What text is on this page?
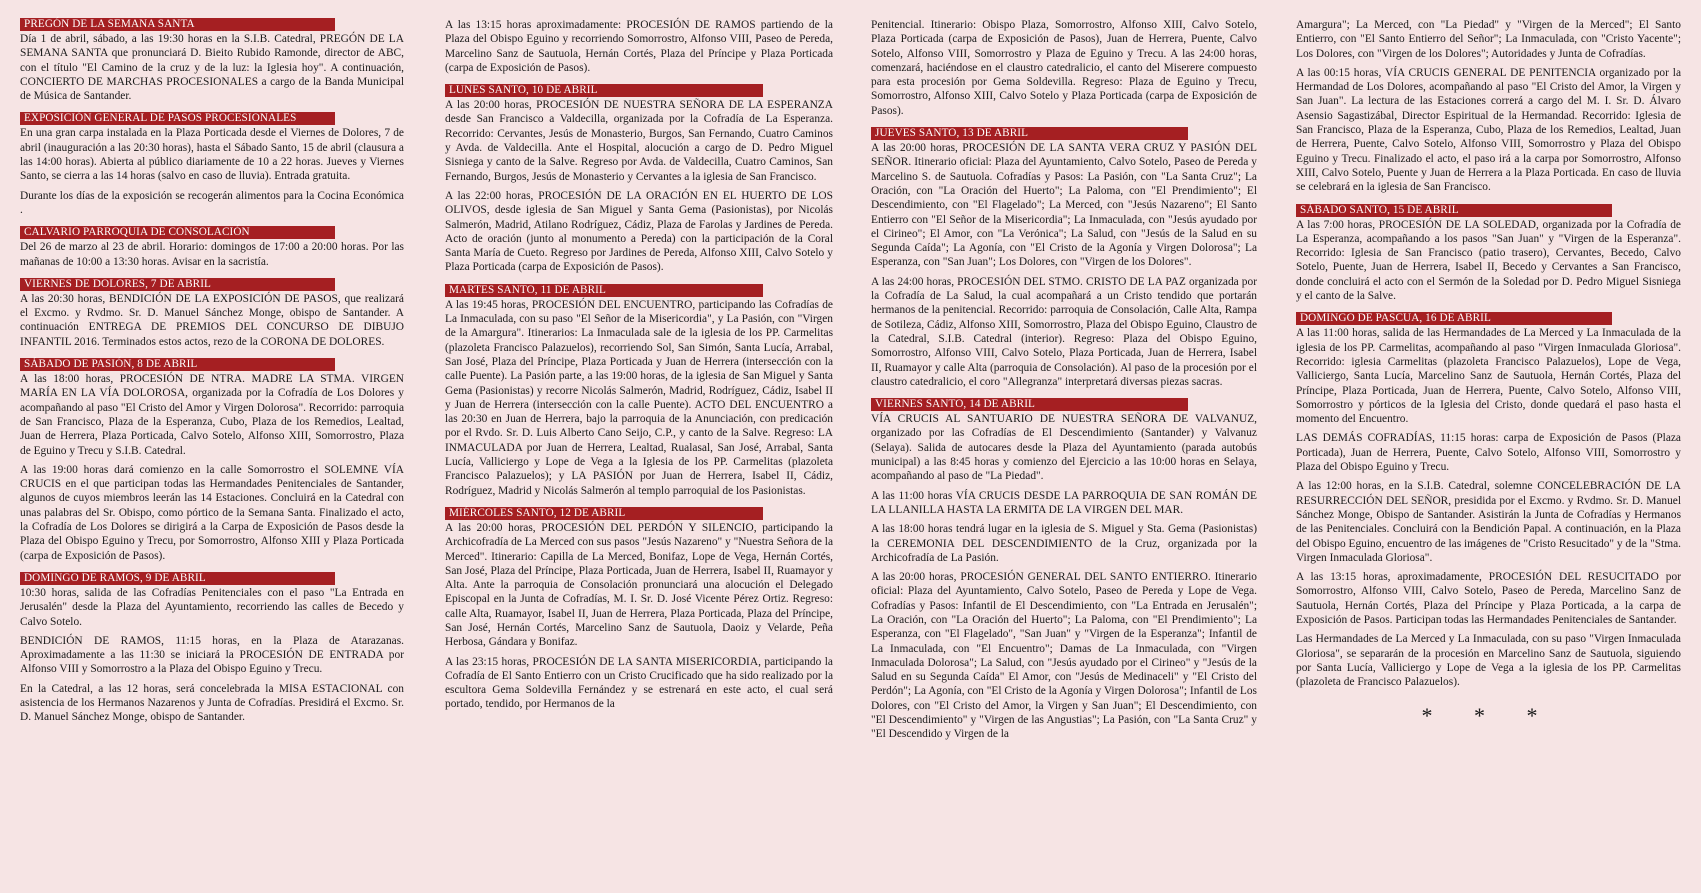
PREGÓN DE LA SEMANA SANTA

Día 1 de abril, sábado, a las 19:30 horas en la S.I.B. Catedral, PREGÓN DE LA SEMANA SANTA que pronunciará D. Bieito Rubido Ramonde, director de ABC, con el título "El Camino de la cruz y de la luz: la Iglesia hoy". A continuación, CONCIERTO DE MARCHAS PROCESIONALES a cargo de la Banda Municipal de Música de Santander.

EXPOSICIÓN GENERAL DE PASOS PROCESIONALES

En una gran carpa instalada en la Plaza Porticada desde el Viernes de Dolores, 7 de abril (inauguración a las 20:30 horas), hasta el Sábado Santo, 15 de abril (clausura a las 14:00 horas). Abierta al público diariamente de 10 a 22 horas. Jueves y Viernes Santo, se cierra a las 14 horas (salvo en caso de lluvia). Entrada gratuita.

Durante los días de la exposición se recogerán alimentos para la Cocina Económica .

CALVARIO PARROQUIA DE CONSOLACIÓN

Del 26 de marzo al 23 de abril. Horario: domingos de 17:00 a 20:00 horas. Por las mañanas de 10:00 a 13:30 horas. Avisar en la sacristía.

VIERNES DE DOLORES, 7 DE ABRIL

A las 20:30 horas, BENDICIÓN DE LA EXPOSICIÓN DE PASOS, que realizará el Excmo. y Rvdmo. Sr. D. Manuel Sánchez Monge, obispo de Santander. A continuación ENTREGA DE PREMIOS DEL CONCURSO DE DIBUJO INFANTIL 2016. Terminados estos actos, rezo de la CORONA DE DOLORES.

SÁBADO DE PASIÓN, 8 DE ABRIL

A las 18:00 horas, PROCESIÓN DE NTRA. MADRE LA STMA. VIRGEN MARÍA EN LA VÍA DOLOROSA, organizada por la Cofradía de Los Dolores y acompañando al paso "El Cristo del Amor y Virgen Dolorosa". Recorrido: parroquia de San Francisco, Plaza de la Esperanza, Cubo, Plaza de los Remedios, Lealtad, Juan de Herrera, Plaza Porticada, Calvo Sotelo, Alfonso XIII, Somorrostro, Plaza de Eguino y Trecu y S.I.B. Catedral.

A las 19:00 horas dará comienzo en la calle Somorrostro el SOLEMNE VÍA CRUCIS en el que participan todas las Hermandades Penitenciales de Santander, algunos de cuyos miembros leerán las 14 Estaciones. Concluirá en la Catedral con unas palabras del Sr. Obispo, como pórtico de la Semana Santa. Finalizado el acto, la Cofradía de Los Dolores se dirigirá a la Carpa de Exposición de Pasos desde la Plaza del Obispo Eguino y Trecu, por Somorrostro, Alfonso XIII y Plaza Porticada (carpa de Exposición de Pasos).

DOMINGO DE RAMOS, 9 DE ABRIL

10:30 horas, salida de las Cofradías Penitenciales con el paso "La Entrada en Jerusalén" desde la Plaza del Ayuntamiento, recorriendo las calles de Becedo y Calvo Sotelo.

BENDICIÓN DE RAMOS, 11:15 horas, en la Plaza de Atarazanas. Aproximadamente a las 11:30 se iniciará la PROCESIÓN DE ENTRADA por Alfonso VIII y Somorrostro a la Plaza del Obispo Eguino y Trecu.

En la Catedral, a las 12 horas, será concelebrada la MISA ESTACIONAL con asistencia de los Hermanos Nazarenos y Junta de Cofradías. Presidirá el Excmo. Sr. D. Manuel Sánchez Monge, obispo de Santander.

A las 13:15 horas aproximadamente: PROCESIÓN DE RAMOS partiendo de la Plaza del Obispo Eguino y recorriendo Somorrostro, Alfonso VIII, Paseo de Pereda, Marcelino Sanz de Sautuola, Hernán Cortés, Plaza del Príncipe y Plaza Porticada (carpa de Exposición de Pasos).

LUNES SANTO, 10 DE ABRIL

A las 20:00 horas, PROCESIÓN DE NUESTRA SEÑORA DE LA ESPERANZA desde San Francisco a Valdecilla, organizada por la Cofradía de La Esperanza. Recorrido: Cervantes, Jesús de Monasterio, Burgos, San Fernando, Cuatro Caminos y Avda. de Valdecilla. Ante el Hospital, alocución a cargo de D. Pedro Miguel Sisniega y canto de la Salve. Regreso por Avda. de Valdecilla, Cuatro Caminos, San Fernando, Burgos, Jesús de Monasterio y Cervantes a la iglesia de San Francisco.

A las 22:00 horas, PROCESIÓN DE LA ORACIÓN EN EL HUERTO DE LOS OLIVOS, desde iglesia de San Miguel y Santa Gema (Pasionistas), por Nicolás Salmerón, Madrid, Atilano Rodríguez, Cádiz, Plaza de Farolas y Jardines de Pereda. Acto de oración (junto al monumento a Pereda) con la participación de la Coral Santa María de Cueto. Regreso por Jardines de Pereda, Alfonso XIII, Calvo Sotelo y Plaza Porticada (carpa de Exposición de Pasos).

MARTES SANTO, 11 DE ABRIL

A las 19:45 horas, PROCESIÓN DEL ENCUENTRO, participando las Cofradías de La Inmaculada, con su paso "El Señor de la Misericordia", y La Pasión, con "Virgen de la Amargura". Itinerarios: La Inmaculada sale de la iglesia de los PP. Carmelitas (plazoleta Francisco Palazuelos), recorriendo Sol, San Simón, Santa Lucía, Arrabal, San José, Plaza del Príncipe, Plaza Porticada y Juan de Herrera (intersección con la calle Puente). La Pasión parte, a las 19:00 horas, de la iglesia de San Miguel y Santa Gema (Pasionistas) y recorre Nicolás Salmerón, Madrid, Rodríguez, Cádiz, Isabel II y Juan de Herrera (intersección con la calle Puente). ACTO DEL ENCUENTRO a las 20:30 en Juan de Herrera, bajo la parroquia de la Anunciación, con predicación por el Rvdo. Sr. D. Luis Alberto Cano Seijo, C.P., y canto de la Salve. Regreso: LA INMACULADA por Juan de Herrera, Lealtad, Rualasal, San José, Arrabal, Santa Lucía, Valliciergo y Lope de Vega a la Iglesia de los PP. Carmelitas (plazoleta Francisco Palazuelos); y LA PASIÓN por Juan de Herrera, Isabel II, Cádiz, Rodríguez, Madrid y Nicolás Salmerón al templo parroquial de los Pasionistas.

MIÉRCOLES SANTO, 12 DE ABRIL

A las 20:00 horas, PROCESIÓN DEL PERDÓN Y SILENCIO, participando la Archicofradía de La Merced con sus pasos "Jesús Nazareno" y "Nuestra Señora de la Merced". Itinerario: Capilla de La Merced, Bonifaz, Lope de Vega, Hernán Cortés, San José, Plaza del Príncipe, Plaza Porticada, Juan de Herrera, Isabel II, Ruamayor y Alta. Ante la parroquia de Consolación pronunciará una alocución el Delegado Episcopal en la Junta de Cofradías, M. I. Sr. D. José Vicente Pérez Ortiz. Regreso: calle Alta, Ruamayor, Isabel II, Juan de Herrera, Plaza Porticada, Plaza del Príncipe, San José, Hernán Cortés, Marcelino Sanz de Sautuola, Daoiz y Velarde, Peña Herbosa, Gándara y Bonifaz.

A las 23:15 horas, PROCESIÓN DE LA SANTA MISERICORDIA, participando la Cofradía de El Santo Entierro con un Cristo Crucificado que ha sido realizado por la escultora Gema Soldevilla Fernández y se estrenará en este acto, el cual será portado, tendido, por Hermanos de la

Penitencial. Itinerario: Obispo Plaza, Somorrostro, Alfonso XIII, Calvo Sotelo, Plaza Porticada (carpa de Exposición de Pasos), Juan de Herrera, Puente, Calvo Sotelo, Alfonso VIII, Somorrostro y Plaza de Eguino y Trecu. A las 24:00 horas, comenzará, haciéndose en el claustro catedralicio, el canto del Miserere compuesto para esta procesión por Gema Soldevilla. Regreso: Plaza de Eguino y Trecu, Somorrostro, Alfonso XIII, Calvo Sotelo y Plaza Porticada (carpa de Exposición de Pasos).

JUEVES SANTO, 13 DE ABRIL

A las 20:00 horas, PROCESIÓN DE LA SANTA VERA CRUZ Y PASIÓN DEL SEÑOR. Itinerario oficial: Plaza del Ayuntamiento, Calvo Sotelo, Paseo de Pereda y Marcelino S. de Sautuola. Cofradías y Pasos: La Pasión, con "La Santa Cruz"; La Oración, con "La Oración del Huerto"; La Paloma, con "El Prendimiento"; El Descendimiento, con "El Flagelado"; La Merced, con "Jesús Nazareno"; El Santo Entierro con "El Señor de la Misericordia"; La Inmaculada, con "Jesús ayudado por el Cirineo"; El Amor, con "La Verónica"; La Salud, con "Jesús de la Salud en su Segunda Caída"; La Agonía, con "El Cristo de la Agonía y Virgen Dolorosa"; La Esperanza, con "San Juan"; Los Dolores, con "Virgen de los Dolores".

A las 24:00 horas, PROCESIÓN DEL STMO. CRISTO DE LA PAZ organizada por la Cofradía de La Salud, la cual acompañará a un Cristo tendido que portarán hermanos de la penitencial. Recorrido: parroquia de Consolación, Calle Alta, Rampa de Sotileza, Cádiz, Alfonso XIII, Somorrostro, Plaza del Obispo Eguino, Claustro de la Catedral, S.I.B. Catedral (interior). Regreso: Plaza del Obispo Eguino, Somorrostro, Alfonso VIII, Calvo Sotelo, Plaza Porticada, Juan de Herrera, Isabel II, Ruamayor y calle Alta (parroquia de Consolación). Al paso de la procesión por el claustro catedralicio, el coro "Alleg​ranza" interpretará diversas piezas sacras.

VIERNES SANTO, 14 DE ABRIL

VÍA CRUCIS AL SANTUARIO DE NUESTRA SEÑORA DE VALVANUZ, organizado por las Cofradías de El Descendimiento (Santander) y Valvanuz (Selaya). Salida de autocares desde la Plaza del Ayuntamiento (parada autobús municipal) a las 8:45 horas y comienzo del Ejercicio a las 10:00 horas en Selaya, acompañando al paso de "La Piedad".

A las 11:00 horas VÍA CRUCIS DESDE LA PARROQUIA DE SAN ROMÁN DE LA LLANILLA HASTA LA ERMITA DE LA VIRGEN DEL MAR.

A las 18:00 horas tendrá lugar en la iglesia de S. Miguel y Sta. Gema (Pasionistas) la CEREMONIA DEL DESCENDIMIENTO de la Cruz, organizada por la Archicofradía de La Pasión.

A las 20:00 horas, PROCESIÓN GENERAL DEL SANTO ENTIERRO. Itinerario oficial: Plaza del Ayuntamiento, Calvo Sotelo, Paseo de Pereda y Lope de Vega. Cofradías y Pasos: Infantil de El Descendimiento, con "La Entrada en Jerusalén"; La Oración, con "La Oración del Huerto"; La Paloma, con "El Prendimiento"; La Esperanza, con "El Flagelado", "San Juan" y "Virgen de la Esperanza"; Infantil de La Inmaculada, con "El Encuentro"; Damas de La Inmaculada, con "Virgen Inmaculada Dolorosa"; La Salud, con "Jesús ayudado por el Cirineo" y "Jesús de la Salud en su Segunda Caída" El Amor, con "Jesús de Medinaceli" y "El Cristo del Perdón"; La Agonía, con "El Cristo de la Agonía y Virgen Dolorosa"; Infantil de Los Dolores, con "El Cristo del Amor, la Virgen y San Juan"; El Descendimiento, con "El Descendimiento" y "Virgen de las Angustias"; La Pasión, con "La Santa Cruz" y "El Descendido y Virgen de la

Amargura"; La Merced, con "La Piedad" y "Virgen de la Merced"; El Santo Entierro, con "El Santo Entierro del Señor"; La Inmaculada, con "Cristo Yacente"; Los Dolores, con "Virgen de los Dolores"; Autoridades y Junta de Cofradías.

A las 00:15 horas, VÍA CRUCIS GENERAL DE PENITENCIA organizado por la Hermandad de Los Dolores, acompañando al paso "El Cristo del Amor, la Virgen y San Juan". La lectura de las Estaciones correrá a cargo del M. I. Sr. D. Álvaro Asensio Sagastizábal, Director Espiritual de la Hermandad. Recorrido: Iglesia de San Francisco, Plaza de la Esperanza, Cubo, Plaza de los Remedios, Lealtad, Juan de Herrera, Puente, Calvo Sotelo, Alfonso VIII, Somorrostro y Plaza del Obispo Eguino y Trecu. Finalizado el acto, el paso irá a la carpa por Somorrostro, Alfonso XIII, Calvo Sotelo, Puente y Juan de Herrera a la Plaza Porticada. En caso de lluvia se celebrará en la iglesia de San Francisco.

SÁBADO SANTO, 15 DE ABRIL

A las 7:00 horas, PROCESIÓN DE LA SOLEDAD, organizada por la Cofradía de La Esperanza, acompañando a los pasos "San Juan" y "Virgen de la Esperanza". Recorrido: Iglesia de San Francisco (patio trasero), Cervantes, Becedo, Calvo Sotelo, Puente, Juan de Herrera, Isabel II, Becedo y Cervantes a San Francisco, donde concluirá el acto con el Sermón de la Soledad por D. Pedro Miguel Sisniega y el canto de la Salve.

DOMINGO DE PASCUA, 16 DE ABRIL

A las 11:00 horas, salida de las Hermandades de La Merced y La Inmaculada de la iglesia de los PP. Carmelitas, acompañando al paso "Virgen Inmaculada Gloriosa". Recorrido: iglesia Carmelitas (plazoleta Francisco Palazuelos), Lope de Vega, Valliciergo, Santa Lucía, Marcelino Sanz de Sautuola, Hernán Cortés, Plaza del Príncipe, Plaza Porticada, Juan de Herrera, Puente, Calvo Sotelo, Alfonso VIII, Somorrostro y pórticos de la Iglesia del Cristo, donde quedará el paso hasta el momento del Encuentro.

LAS DEMÁS COFRADÍAS, 11:15 horas: carpa de Exposición de Pasos (Plaza Porticada), Juan de Herrera, Puente, Calvo Sotelo, Alfonso VIII, Somorrostro y Plaza del Obispo Eguino y Trecu.

A las 12:00 horas, en la S.I.B. Catedral, solemne CONCELEBRACIÓN DE LA RESURRECCIÓN DEL SEÑOR, presidida por el Excmo. y Rvdmo. Sr. D. Manuel Sánchez Monge, Obispo de Santander. Asistirán la Junta de Cofradías y Hermanos de las Penitenciales. Concluirá con la Bendición Papal. A continuación, en la Plaza del Obispo Eguino, encuentro de las imágenes de "Cristo Resucitado" y de la "Stma. Virgen Inmaculada Gloriosa".

A las 13:15 horas, aproximadamente, PROCESIÓN DEL RESUCITADO por Somorrostro, Alfonso VIII, Calvo Sotelo, Paseo de Pereda, Marcelino Sanz de Sautuola, Hernán Cortés, Plaza del Príncipe y Plaza Porticada, a la carpa de Exposición de Pasos. Participan todas las Hermandades Penitenciales de Santander.

Las Hermandades de La Merced y La Inmaculada, con su paso "Virgen Inmaculada Gloriosa", se separarán de la procesión en Marcelino Sanz de Sautuola, siguiendo por Santa Lucía, Valliciergo y Lope de Vega a la iglesia de los PP. Carmelitas (plazoleta de Francisco Palazuelos).

* * *
